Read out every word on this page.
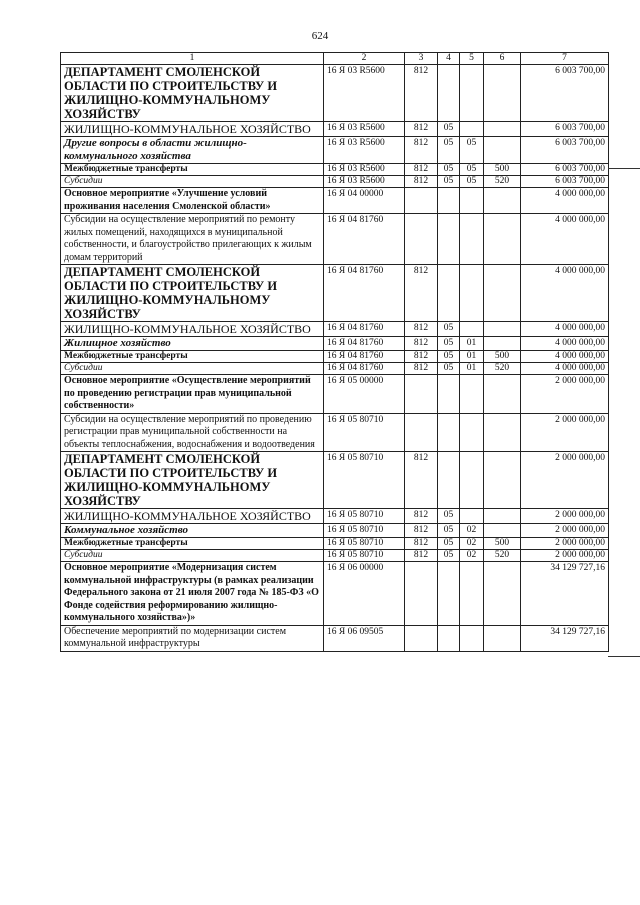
624
1	2	3	4	5	6	7
ДЕПАРТАМЕНТ СМОЛЕНСКОЙ ОБЛАСТИ ПО СТРОИТЕЛЬСТВУ И ЖИЛИЩНО-КОММУНАЛЬНОМУ ХОЗЯЙСТВУ	16 Я 03 R5600	812				6 003 700,00
ЖИЛИЩНО-КОММУНАЛЬНОЕ ХОЗЯЙСТВО	16 Я 03 R5600	812	05			6 003 700,00
Другие вопросы в области жилищно-коммунального хозяйства	16 Я 03 R5600	812	05	05		6 003 700,00
Межбюджетные трансферты	16 Я 03 R5600	812	05	05	500	6 003 700,00
Субсидии	16 Я 03 R5600	812	05	05	520	6 003 700,00
Основное мероприятие «Улучшение условий проживания населения Смоленской области»	16 Я 04 00000					4 000 000,00
Субсидии на осуществление мероприятий по ремонту жилых помещений, находящихся в муниципальной собственности, и благоустройство прилегающих к жилым домам территорий	16 Я 04 81760					4 000 000,00
ДЕПАРТАМЕНТ СМОЛЕНСКОЙ ОБЛАСТИ ПО СТРОИТЕЛЬСТВУ И ЖИЛИЩНО-КОММУНАЛЬНОМУ ХОЗЯЙСТВУ	16 Я 04 81760	812				4 000 000,00
ЖИЛИЩНО-КОММУНАЛЬНОЕ ХОЗЯЙСТВО	16 Я 04 81760	812	05			4 000 000,00
Жилищное хозяйство	16 Я 04 81760	812	05	01		4 000 000,00
Межбюджетные трансферты	16 Я 04 81760	812	05	01	500	4 000 000,00
Субсидии	16 Я 04 81760	812	05	01	520	4 000 000,00
Основное мероприятие «Осуществление мероприятий по проведению регистрации прав муниципальной собственности»	16 Я 05 00000					2 000 000,00
Субсидии на осуществление мероприятий по проведению регистрации прав муниципальной собственности на объекты теплоснабжения, водоснабжения и водоотведения	16 Я 05 80710					2 000 000,00
ДЕПАРТАМЕНТ СМОЛЕНСКОЙ ОБЛАСТИ ПО СТРОИТЕЛЬСТВУ И ЖИЛИЩНО-КОММУНАЛЬНОМУ ХОЗЯЙСТВУ	16 Я 05 80710	812				2 000 000,00
ЖИЛИЩНО-КОММУНАЛЬНОЕ ХОЗЯЙСТВО	16 Я 05 80710	812	05			2 000 000,00
Коммунальное хозяйство	16 Я 05 80710	812	05	02		2 000 000,00
Межбюджетные трансферты	16 Я 05 80710	812	05	02	500	2 000 000,00
Субсидии	16 Я 05 80710	812	05	02	520	2 000 000,00
Основное мероприятие «Модернизация систем коммунальной инфраструктуры (в рамках реализации Федерального закона от 21 июля 2007 года № 185-ФЗ «О Фонде содействия реформированию жилищно-коммунального хозяйства»)»	16 Я 06 00000					34 129 727,16
Обеспечение мероприятий по модернизации систем коммунальной инфраструктуры	16 Я 06 09505					34 129 727,16
